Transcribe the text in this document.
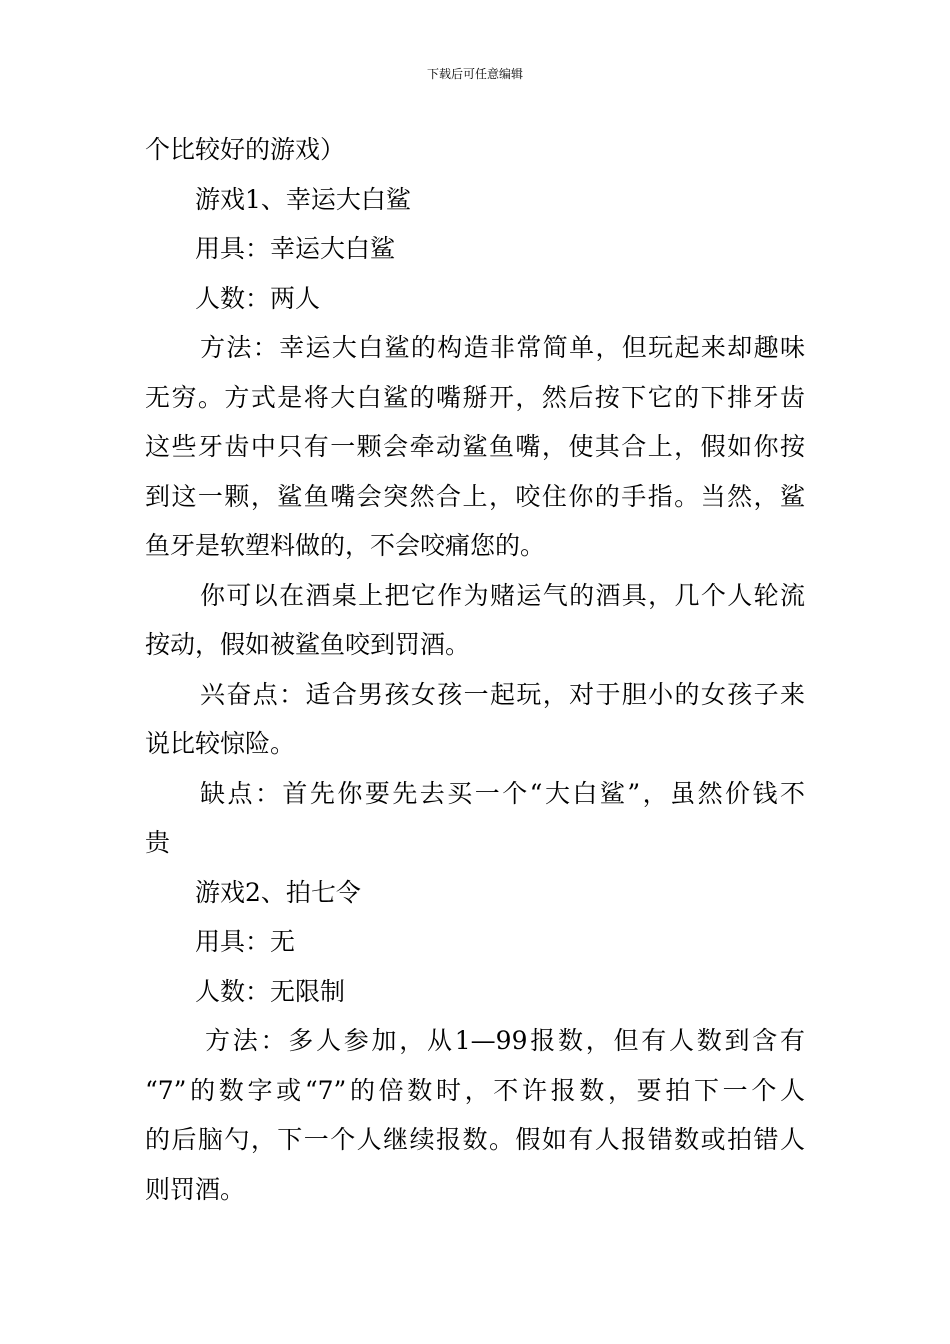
下载后可任意编辑
个比较好的游戏）
游戏1、幸运大白鲨
用具：幸运大白鲨
人数：两人
方法：幸运大白鲨的构造非常简单，但玩起来却趣味
无穷。方式是将大白鲨的嘴掰开，然后按下它的下排牙齿
这些牙齿中只有一颗会牵动鲨鱼嘴，使其合上，假如你按
到这一颗，鲨鱼嘴会突然合上，咬住你的手指。当然，鲨
鱼牙是软塑料做的，不会咬痛您的。
你可以在酒桌上把它作为赌运气的酒具，几个人轮流
按动，假如被鲨鱼咬到罚酒。
兴奋点：适合男孩女孩一起玩，对于胆小的女孩子来
说比较惊险。
缺点：首先你要先去买一个“大白鲨”，虽然价钱不
贵
游戏2、拍七令
用具：无
人数：无限制
方法：多人参加，从1—99报数，但有人数到含有
“7”的数字或“7”的倍数时，不许报数，要拍下一个人
的后脑勺，下一个人继续报数。假如有人报错数或拍错人
则罚酒。
